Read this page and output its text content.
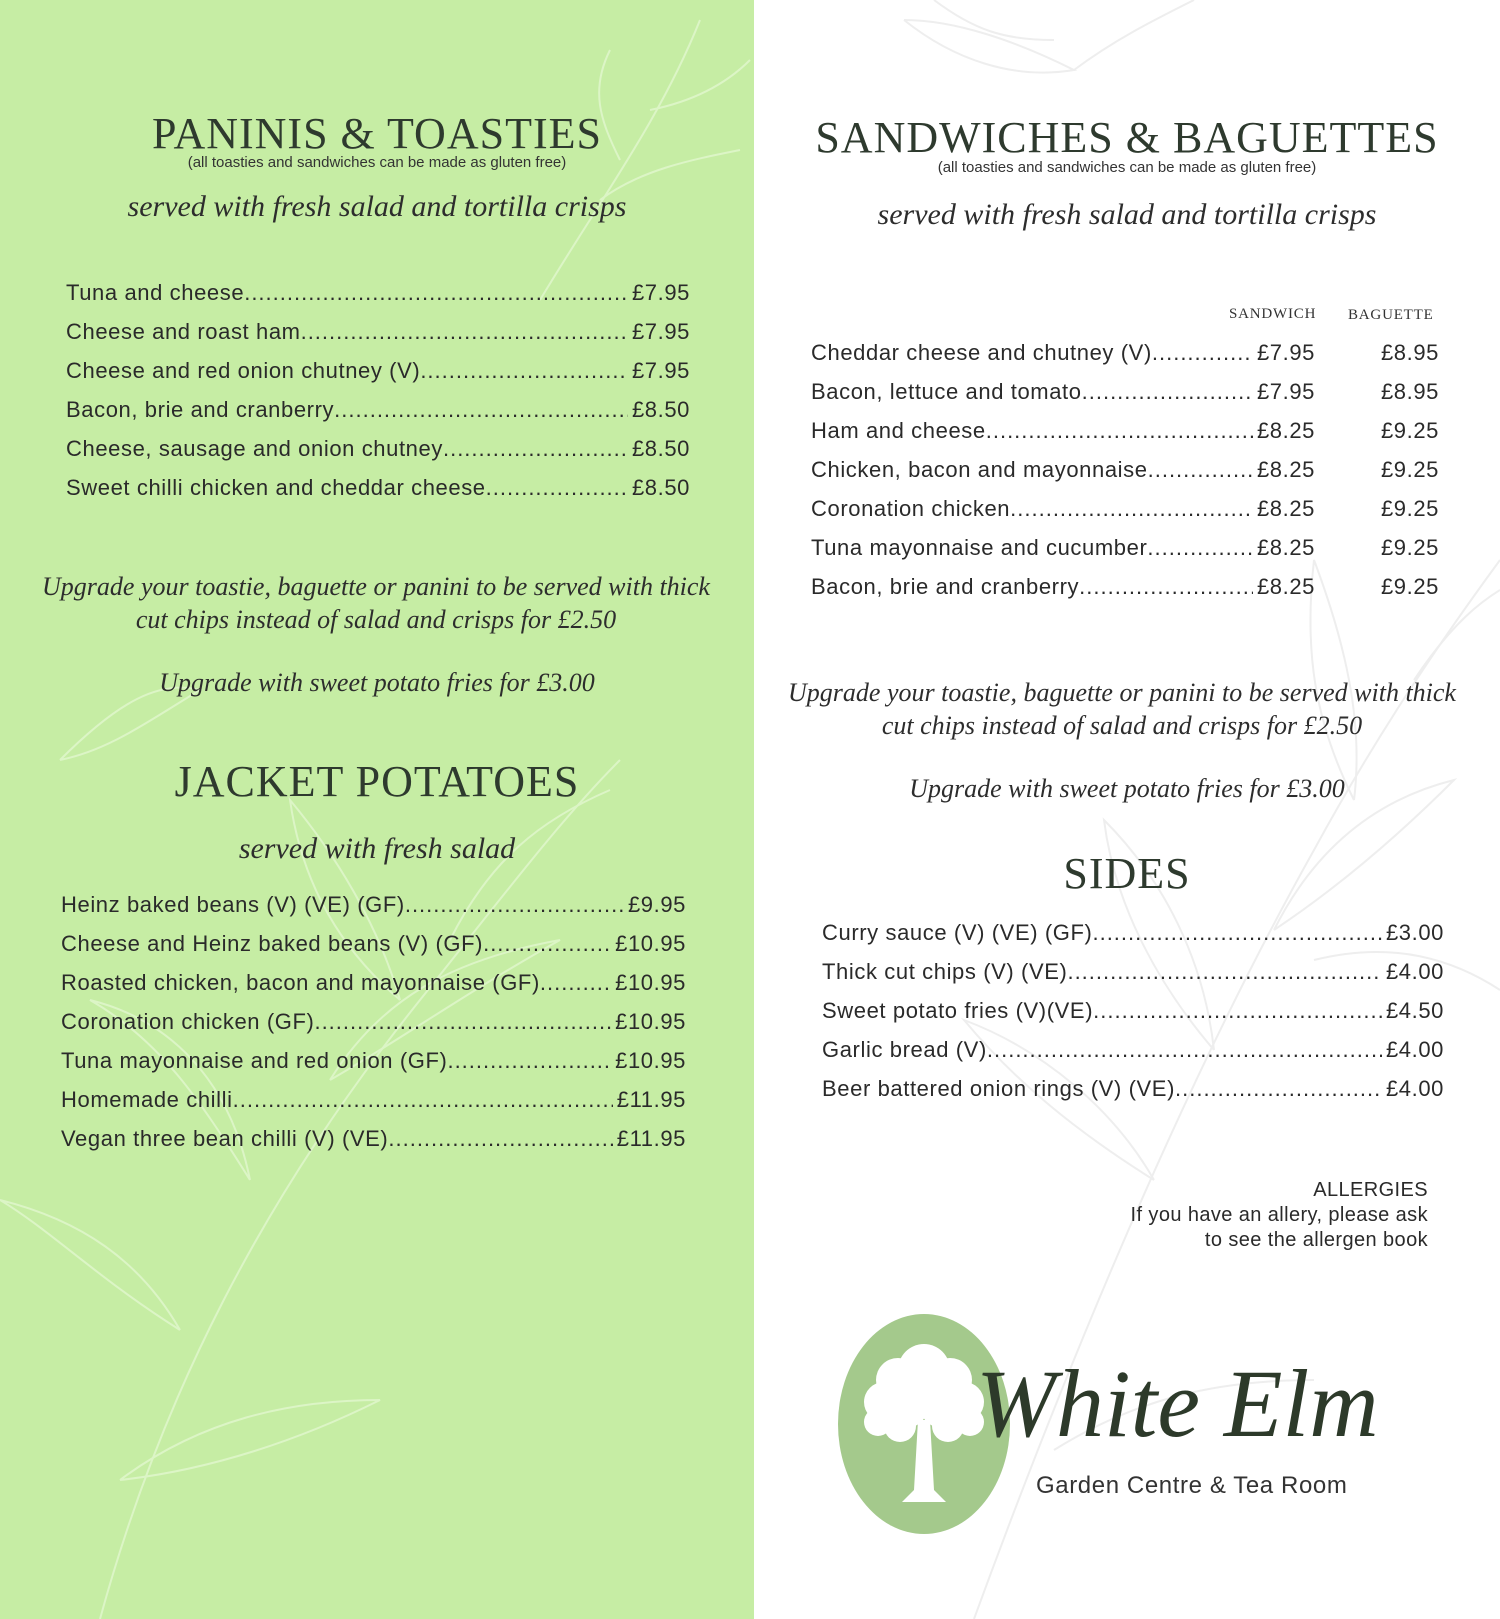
PANINIS & TOASTIES
(all toasties and sandwiches can be made as gluten free)
served with fresh salad and tortilla crisps
Tuna and cheese .....	£7.95
Cheese and roast ham .....	£7.95
Cheese and red onion chutney (V) .....	£7.95
Bacon, brie and cranberry .....	£8.50
Cheese, sausage and onion chutney .....	£8.50
Sweet chilli chicken and cheddar cheese .....	£8.50
Upgrade your toastie, baguette or panini to be served with thick cut chips instead of salad and crisps for £2.50
Upgrade with sweet potato fries for £3.00
JACKET POTATOES
served with fresh salad
Heinz baked beans (V) (VE) (GF) .....	£9.95
Cheese and Heinz baked beans (V) (GF) .....	£10.95
Roasted chicken, bacon and mayonnaise (GF) .....	£10.95
Coronation chicken (GF) .....	£10.95
Tuna mayonnaise and red onion (GF) .....	£10.95
Homemade chilli .....	£11.95
Vegan three bean chilli (V) (VE) .....	£11.95
SANDWICHES & BAGUETTES
(all toasties and sandwiches can be made as gluten free)
served with fresh salad and tortilla crisps
SANDWICH BAGUETTE
Cheddar cheese and chutney (V) .....	£7.95	£8.95
Bacon, lettuce and tomato .....	£7.95	£8.95
Ham and cheese .....	£8.25	£9.25
Chicken, bacon and mayonnaise .....	£8.25	£9.25
Coronation chicken .....	£8.25	£9.25
Tuna mayonnaise and cucumber .....	£8.25	£9.25
Bacon, brie and cranberry .....	£8.25	£9.25
Upgrade your toastie, baguette or panini to be served with thick cut chips instead of salad and crisps for £2.50
Upgrade with sweet potato fries for £3.00
SIDES
Curry sauce (V) (VE) (GF) .....	£3.00
Thick cut chips (V) (VE) .....	£4.00
Sweet potato fries (V)(VE) .....	£4.50
Garlic bread (V) .....	£4.00
Beer battered onion rings (V) (VE) .....	£4.00
ALLERGIES
If you have an allery, please ask
to see the allergen book
White Elm
Garden Centre & Tea Room
